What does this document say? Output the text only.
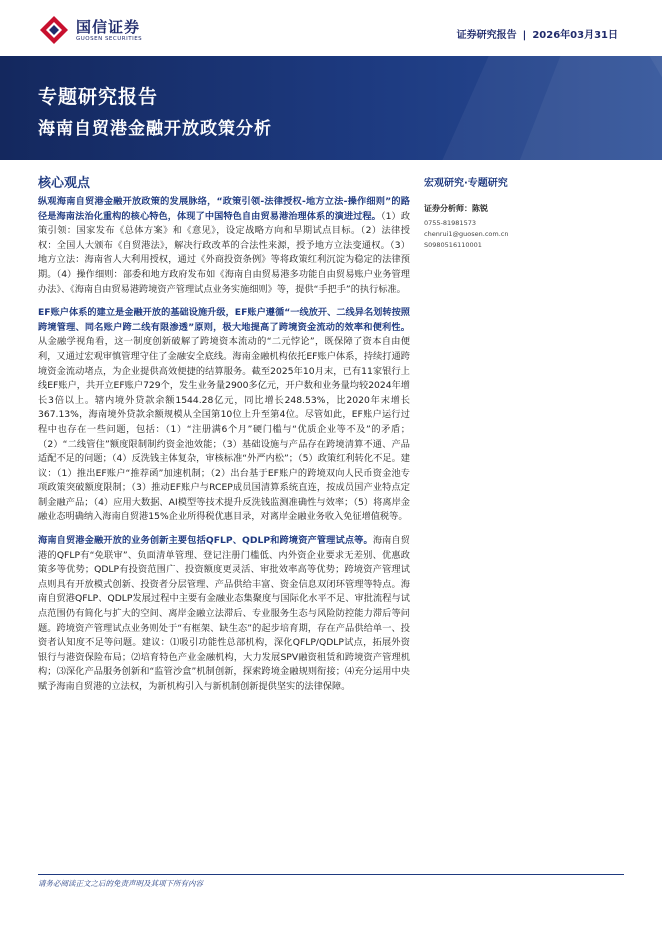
国信证券
GUOSEN SECURITIES	证券研究报告 | 2026年03月31日
专题研究报告
海南自贸港金融开放政策分析
核心观点

纵观海南自贸港金融开放政策的发展脉络，“政策引领-法律授权-地方立法-操作细则”的路径是海南法治化重构的核心特色，体现了中国特色自由贸易港治理体系的演进过程。（1）政策引领：国家发布《总体方案》和《意见》，设定战略方向和早期试点目标。（2）法律授权：全国人大颁布《自贸港法》，解决行政改革的合法性来源，授予地方立法变通权。（3）地方立法：海南省人大利用授权，通过《外商投资条例》等将政策红利沉淀为稳定的法律预期。（4）操作细则：部委和地方政府发布如《海南自由贸易港多功能自由贸易账户业务管理办法》、《海南自由贸易港跨境资产管理试点业务实施细则》等，提供“手把手”的执行标准。

EF账户体系的建立是金融开放的基础设施升级，EF账户遵循“一线放开、二线异名划转按照跨境管理、同名账户跨二线有限渗透”原则，极大地提高了跨境资金流动的效率和便利性。从金融学视角看，这一制度创新破解了跨境资本流动的“二元悖论”，既保障了资本自由便利，又通过宏观审慎管理守住了金融安全底线。海南金融机构依托EF账户体系，持续打通跨境资金流动堵点，为企业提供高效便捷的结算服务。截至2025年10月末，已有11家银行上线EF账户，共开立EF账户729个，发生业务量2900多亿元，开户数和业务量均较2024年增长3倍以上。辖内境外贷款余额1544.28亿元，同比增长248.53%，比2020年末增长367.13%，海南境外贷款余额规模从全国第10位上升至第4位。尽管如此，EF账户运行过程中也存在一些问题，包括：（1）“注册满6个月”硬门槛与“优质企业等不及”的矛盾；（2）“二线管住”额度限制制约资金池效能；（3）基础设施与产品存在跨境清算不通、产品适配不足的问题；（4）反洗钱主体复杂，审核标准“外严内松”；（5）政策红利转化不足。建议：（1）推出EF账户“推荐函”加速机制；（2）出台基于EF账户的跨境双向人民币资金池专项政策突破额度限制；（3）推动EF账户与RCEP成员国清算系统直连，按成员国产业特点定制金融产品；（4）应用大数据、AI模型等技术提升反洗钱监测准确性与效率；（5）将离岸金融业态明确纳入海南自贸港15%企业所得税优惠目录，对离岸金融业务收入免征增值税等。

海南自贸港金融开放的业务创新主要包括QFLP、QDLP和跨境资产管理试点等。海南自贸港的QFLP有“免联审”、负面清单管理、登记注册门槛低、内外资企业要求无差别、优惠政策多等优势；QDLP有投资范围广、投资额度更灵活、审批效率高等优势；跨境资产管理试点则具有开放模式创新、投资者分层管理、产品供给丰富、资金信息双闭环管理等特点。海南自贸港QFLP、QDLP发展过程中主要有金融业态集聚度与国际化水平不足、审批流程与试点范围仍有简化与扩大的空间、离岸金融立法滞后、专业服务生态与风险防控能力滞后等问题。跨境资产管理试点业务则处于“有框架、缺生态”的起步培育期，存在产品供给单一、投资者认知度不足等问题。建议：⑴吸引功能性总部机构，深化QFLP/QDLP试点，拓展外资银行与港资保险布局；⑵培育特色产业金融机构，大力发展SPV融资租赁和跨境资产管理机构；⑶深化产品服务创新和“监管沙盒”机制创新，探索跨境金融规则衔接；⑷充分运用中央赋予海南自贸港的立法权，为新机构引入与新机制创新提供坚实的法律保障。

宏观研究·专题研究
证券分析师：陈锐
0755-81981573
chenrui1@guosen.com.cn
S0980516110001
请务必阅读正文之后的免责声明及其项下所有内容
